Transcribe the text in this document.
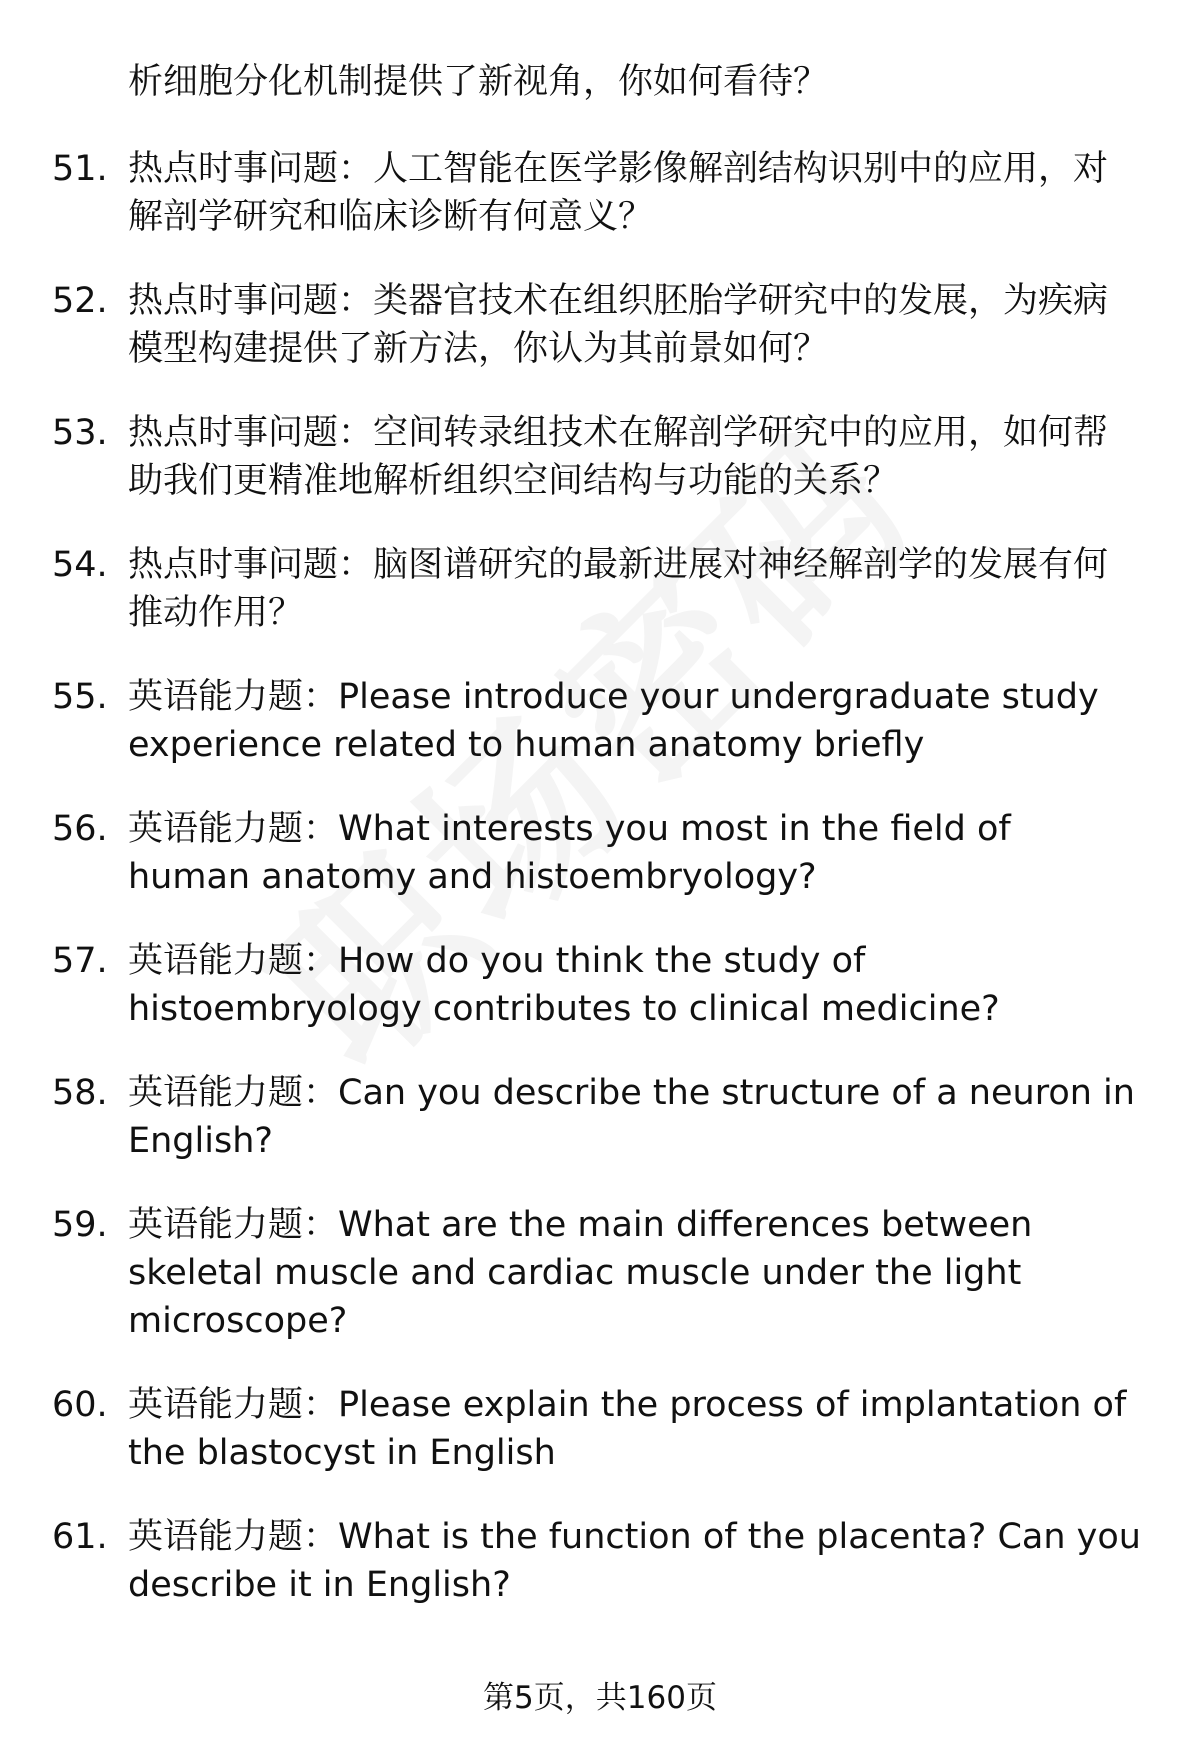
析细胞分化机制提供了新视角，你如何看待？
51. 热点时事问题：人工智能在医学影像解剖结构识别中的应用，对解剖学研究和临床诊断有何意义？
52. 热点时事问题：类器官技术在组织胚胎学研究中的发展，为疾病模型构建提供了新方法，你认为其前景如何？
53. 热点时事问题：空间转录组技术在解剖学研究中的应用，如何帮助我们更精准地解析组织空间结构与功能的关系？
54. 热点时事问题：脑图谱研究的最新进展对神经解剖学的发展有何推动作用？
55. 英语能力题：Please introduce your undergraduate study experience related to human anatomy briefly
56. 英语能力题：What interests you most in the field of human anatomy and histoembryology?
57. 英语能力题：How do you think the study of histoembryology contributes to clinical medicine?
58. 英语能力题：Can you describe the structure of a neuron in English?
59. 英语能力题：What are the main differences between skeletal muscle and cardiac muscle under the light microscope?
60. 英语能力题：Please explain the process of implantation of the blastocyst in English
61. 英语能力题：What is the function of the placenta? Can you describe it in English?
第5页，共160页
